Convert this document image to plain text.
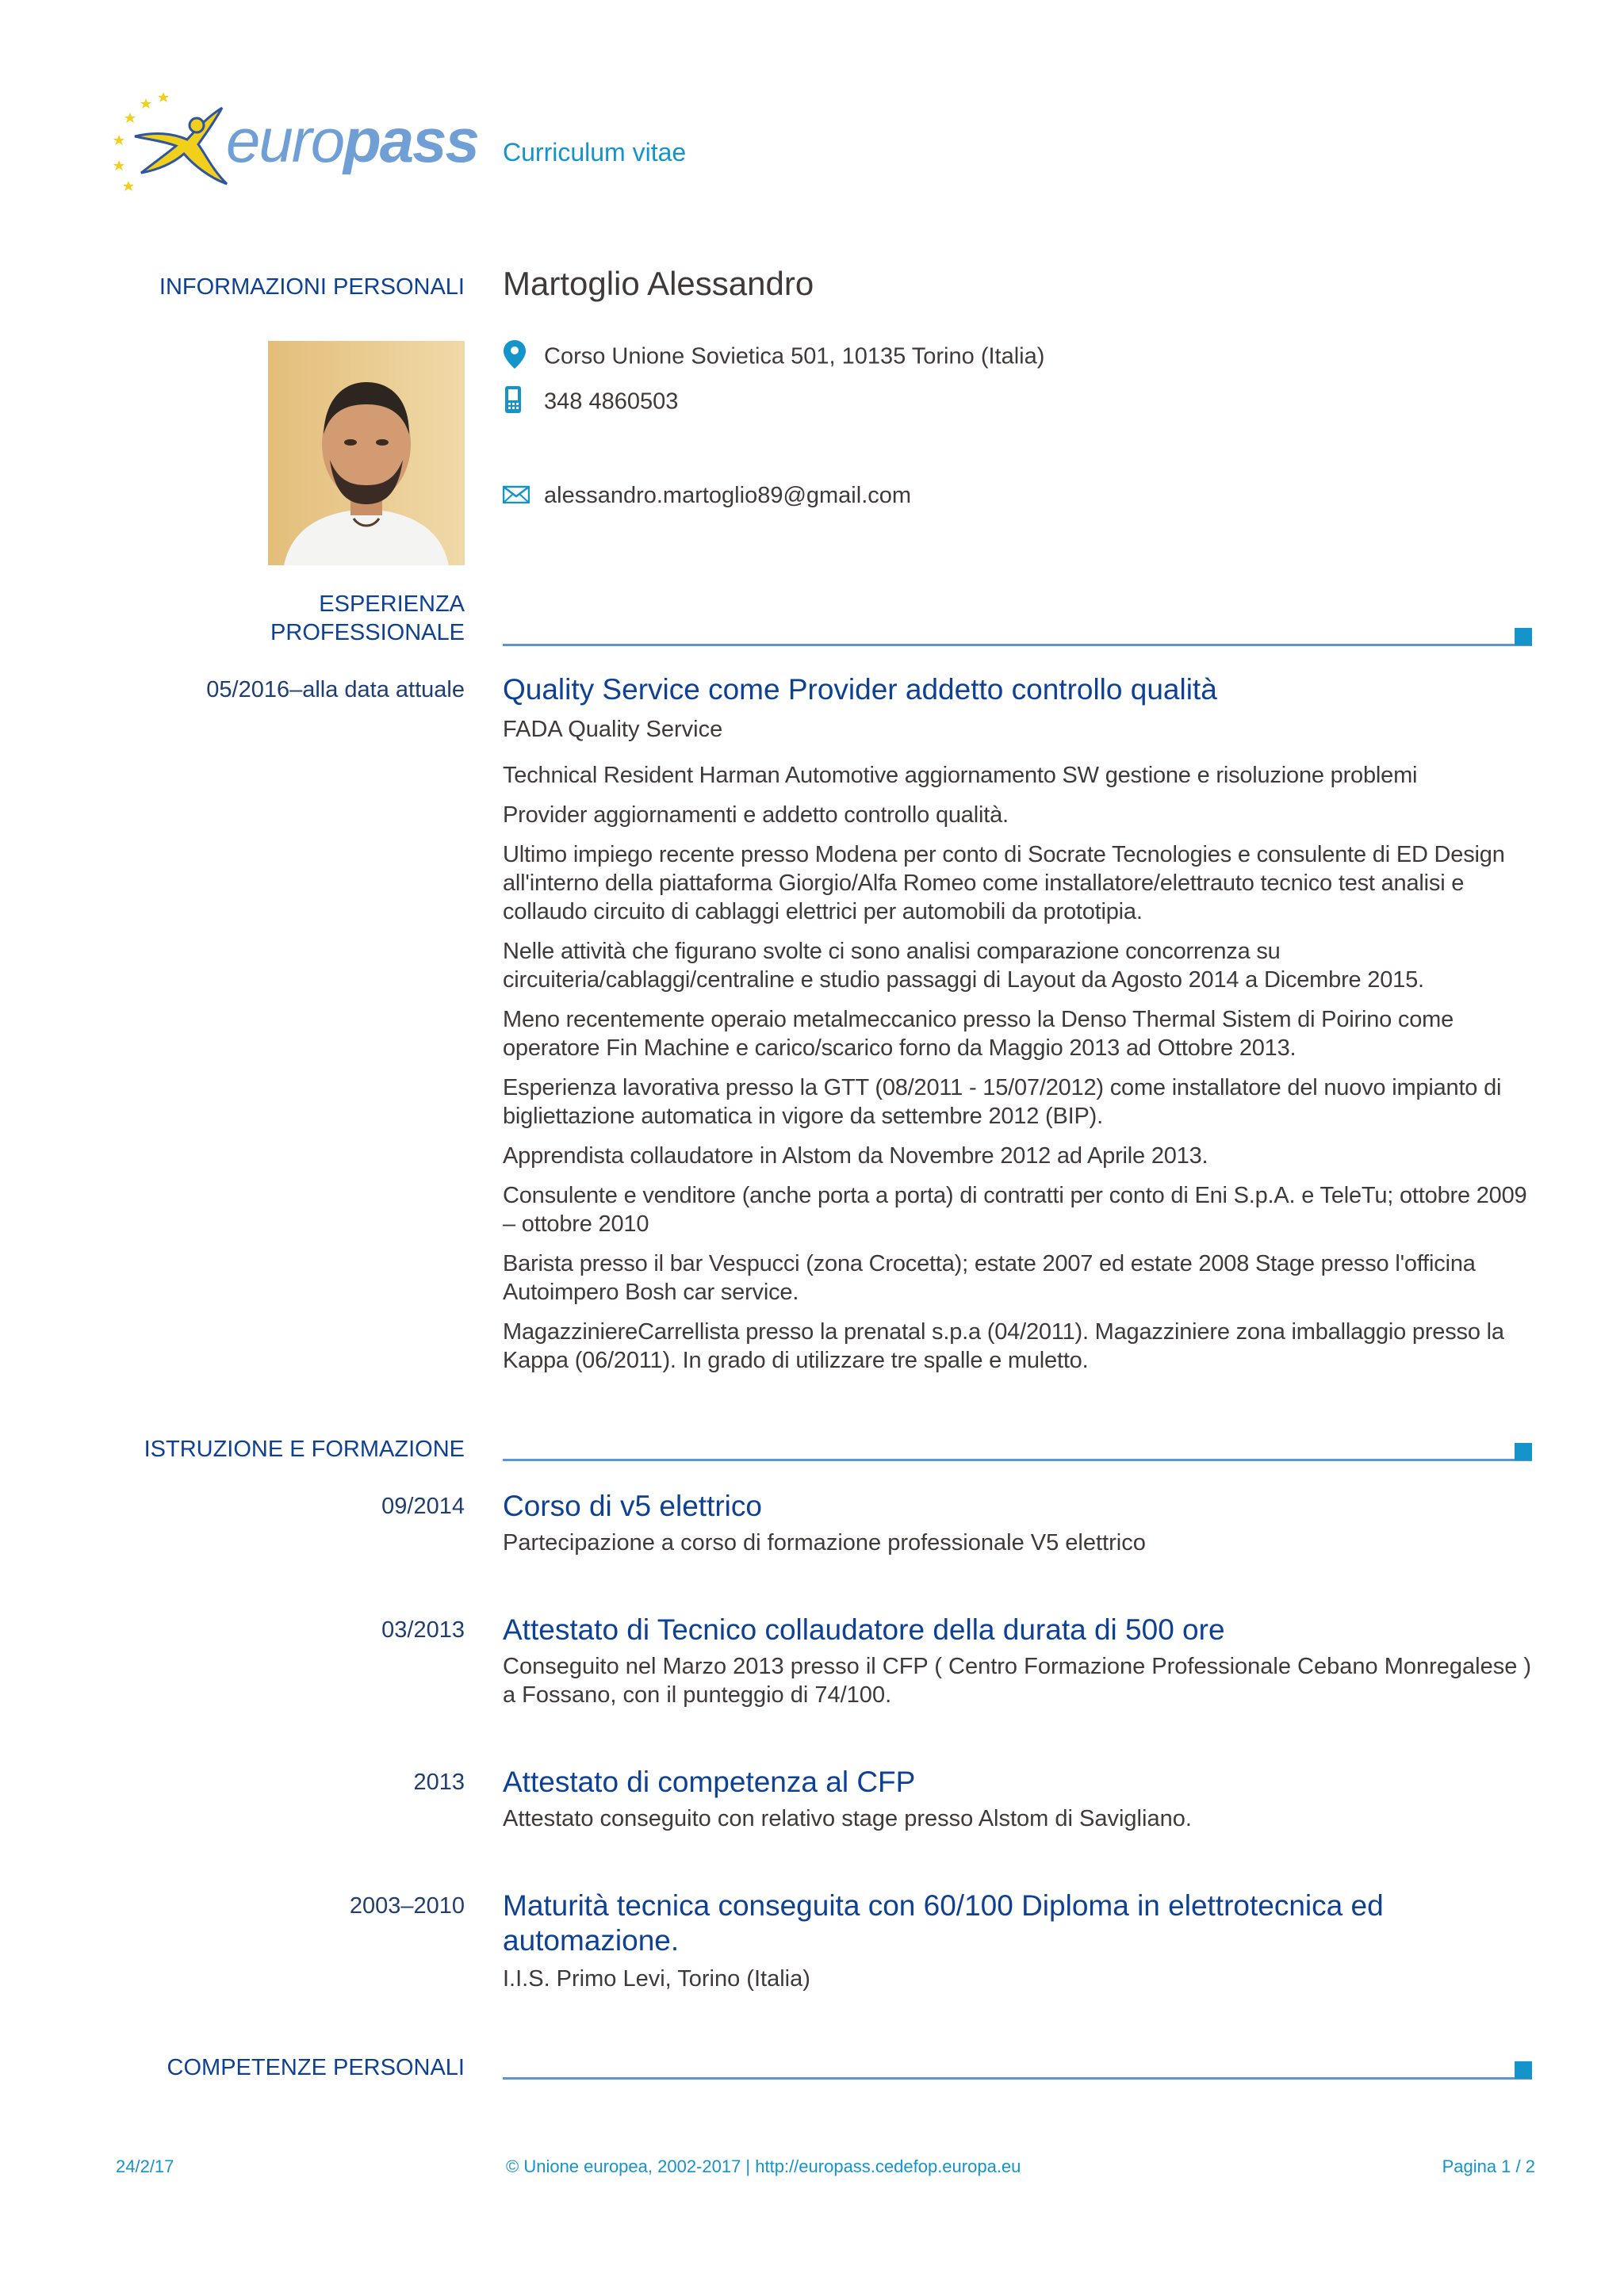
europass Curriculum vitae
INFORMAZIONI PERSONALI Martoglio Alessandro
Corso Unione Sovietica 501, 10135 Torino (Italia)
348 4860503
alessandro.martoglio89@gmail.com
ESPERIENZA
PROFESSIONALE
05/2016–alla data attuale Quality Service come Provider addetto controllo qualità
FADA Quality Service

Technical Resident Harman Automotive aggiornamento SW gestione e risoluzione problemi

Provider aggiornamenti e addetto controllo qualità.

Ultimo impiego recente presso Modena per conto di Socrate Tecnologies e consulente di ED Design all'interno della piattaforma Giorgio/Alfa Romeo come installatore/elettrauto tecnico test analisi e collaudo circuito di cablaggi elettrici per automobili da prototipia.

Nelle attività che figurano svolte ci sono analisi comparazione concorrenza su circuiteria/cablaggi/centraline e studio passaggi di Layout da Agosto 2014 a Dicembre 2015.

Meno recentemente operaio metalmeccanico presso la Denso Thermal Sistem di Poirino come operatore Fin Machine e carico/scarico forno da Maggio 2013 ad Ottobre 2013.

Esperienza lavorativa presso la GTT (08/2011 - 15/07/2012) come installatore del nuovo impianto di bigliettazione automatica in vigore da settembre 2012 (BIP).

Apprendista collaudatore in Alstom da Novembre 2012 ad Aprile 2013.

Consulente e venditore (anche porta a porta) di contratti per conto di Eni S.p.A. e TeleTu; ottobre 2009 – ottobre 2010

Barista presso il bar Vespucci (zona Crocetta); estate 2007 ed estate 2008 Stage presso l'officina Autoimpero Bosh car service.

MagazziniereCarrellista presso la prenatal s.p.a (04/2011). Magazziniere zona imballaggio presso la Kappa (06/2011). In grado di utilizzare tre spalle e muletto.

ISTRUZIONE E FORMAZIONE
09/2014 Corso di v5 elettrico
Partecipazione a corso di formazione professionale V5 elettrico
03/2013 Attestato di Tecnico collaudatore della durata di 500 ore
Conseguito nel Marzo 2013 presso il CFP ( Centro Formazione Professionale Cebano Monregalese ) a Fossano, con il punteggio di 74/100.
2013 Attestato di competenza al CFP
Attestato conseguito con relativo stage presso Alstom di Savigliano.
2003–2010 Maturità tecnica conseguita con 60/100 Diploma in elettrotecnica ed automazione.
I.I.S. Primo Levi, Torino (Italia)
COMPETENZE PERSONALI
24/2/17	© Unione europea, 2002-2017 | http://europass.cedefop.europa.eu	Pagina 1 / 2
